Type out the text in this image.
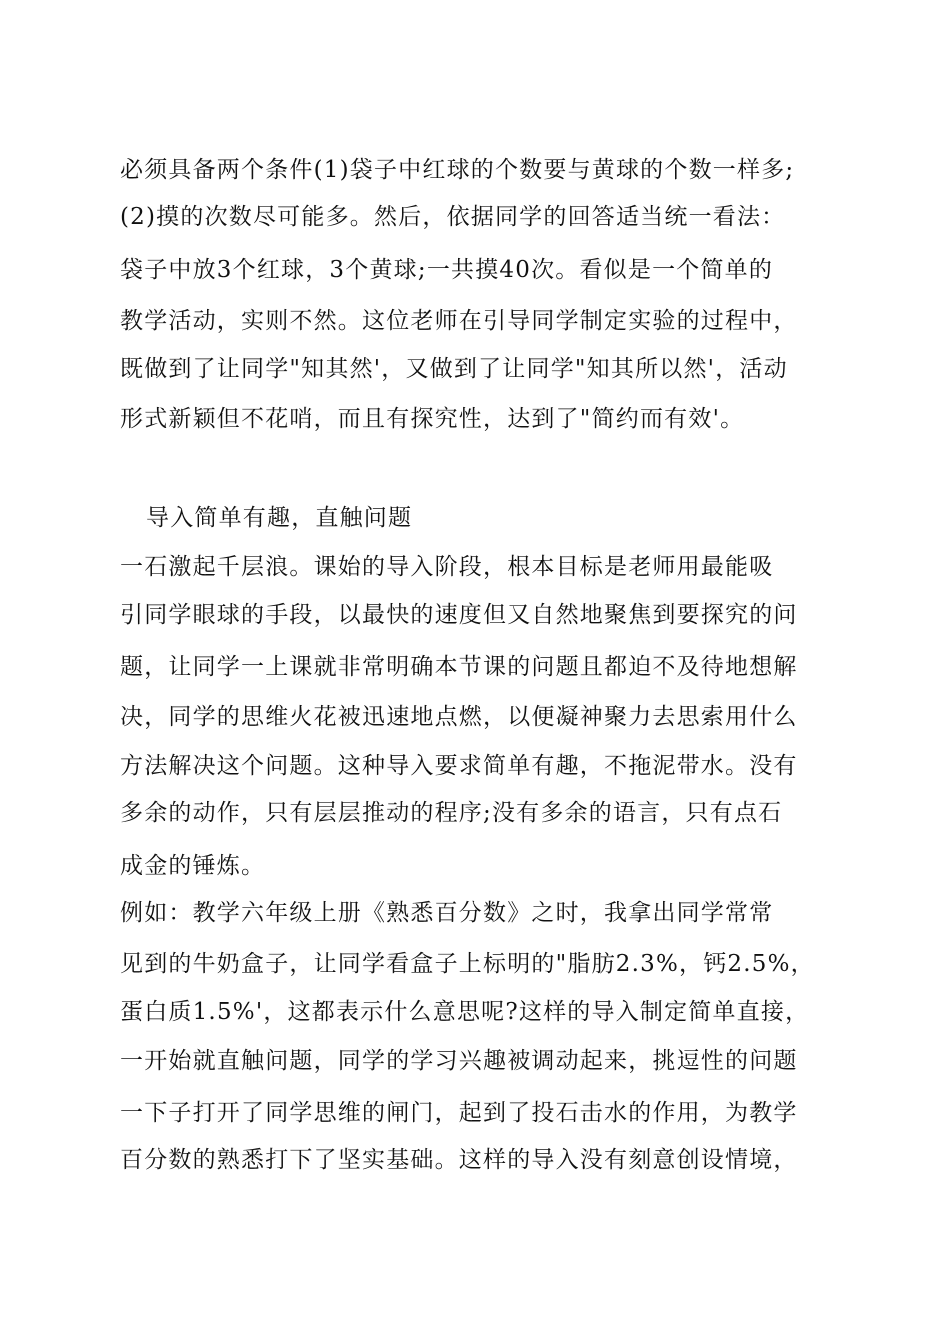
必须具备两个条件(1)袋子中红球的个数要与黄球的个数一样多;
(2)摸的次数尽可能多。然后，依据同学的回答适当统一看法：
袋子中放3个红球，3个黄球;一共摸40次。看似是一个简单的
教学活动，实则不然。这位老师在引导同学制定实验的过程中，
既做到了让同学"知其然'，又做到了让同学"知其所以然'，活动
形式新颖但不花哨，而且有探究性，达到了"简约而有效'。
导入简单有趣，直触问题
一石激起千层浪。课始的导入阶段，根本目标是老师用最能吸
引同学眼球的手段，以最快的速度但又自然地聚焦到要探究的问
题，让同学一上课就非常明确本节课的问题且都迫不及待地想解
决，同学的思维火花被迅速地点燃，以便凝神聚力去思索用什么
方法解决这个问题。这种导入要求简单有趣，不拖泥带水。没有
多余的动作，只有层层推动的程序;没有多余的语言，只有点石
成金的锤炼。
例如：教学六年级上册《熟悉百分数》之时，我拿出同学常常
见到的牛奶盒子，让同学看盒子上标明的"脂肪2.3%，钙2.5%，
蛋白质1.5%'，这都表示什么意思呢?这样的导入制定简单直接，
一开始就直触问题，同学的学习兴趣被调动起来，挑逗性的问题
一下子打开了同学思维的闸门，起到了投石击水的作用，为教学
百分数的熟悉打下了坚实基础。这样的导入没有刻意创设情境，
